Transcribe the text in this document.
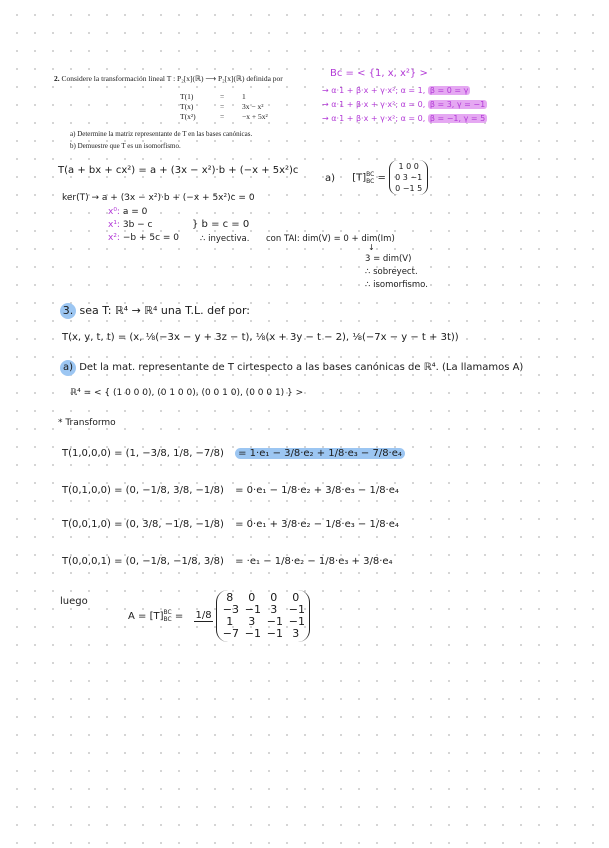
2. Considere la transformación lineal T : P₂[x](ℝ) ⟶ P₂[x](ℝ) definida por
T(1)	=	1
T(x)	=	3x − x²
T(x²)	=	−x + 5x²
a) Determine la matriz representante de T en las bases canónicas.
b) Demuestre que T es un isomorfismo.
Bc = < {1, x, x²} >
→ α·1 + β·x + γ·x²; α = 1, β = 0 = γ
→ α·1 + β·x + γ·x²; α = 0, β = 3, γ = −1
→ α·1 + β·x + γ·x²; α = 0, β = −1, γ = 5
T(a + bx + cx²) = a + (3x − x²)·b + (−x + 5x²)c
a) [T] BC
BC =
1 0 0
0 3 −1
0 −1 5
ker(T) → a + (3x − x²)·b + (−x + 5x²)c = 0
x⁰: a = 0
x¹: 3b − c
x²: −b + 5c = 0
} b = c = 0
∴ inyectiva. con TAI: dim(V) = 0 + dim(Im)
↓
3 = dim(V)
∴ sobreyect.
∴ isomorfismo.
3. sea T: ℝ⁴ → ℝ⁴ una T.L. def por:
T(x, y, t, t) = (x, ⅛(−3x − y + 3z − t), ⅛(x + 3y − t − 2), ⅛(−7x − y − t + 3t))
a) Det la mat. representante de T cirtespecto a las bases canónicas de ℝ⁴. (La llamamos A)
ℝ⁴ = < { (1 0 0 0), (0 1 0 0), (0 0 1 0), (0 0 0 1) } >
* Transformo
T(1,0,0,0) = (1, −3/8, 1/8, −7/8) = 1·e₁ − 3/8·e₂ + 1/8·e₃ − 7/8·e₄
T(0,1,0,0) = (0, −1/8, 3/8, −1/8) = 0·e₁ − 1/8·e₂ + 3/8·e₃ − 1/8·e₄
T(0,0,1,0) = (0, 3/8, −1/8, −1/8) = 0·e₁ + 3/8·e₂ − 1/8·e₃ − 1/8·e₄
T(0,0,0,1) = (0, −1/8, −1/8, 3/8) = ·e₁ − 1/8·e₂ − 1/8·e₃ + 3/8·e₄
luego
A = [T] BC
BC = 1/8

8	0	0	0
−3 −1 3	−1
1	3	−1 −1
−7 −1 −1 3
